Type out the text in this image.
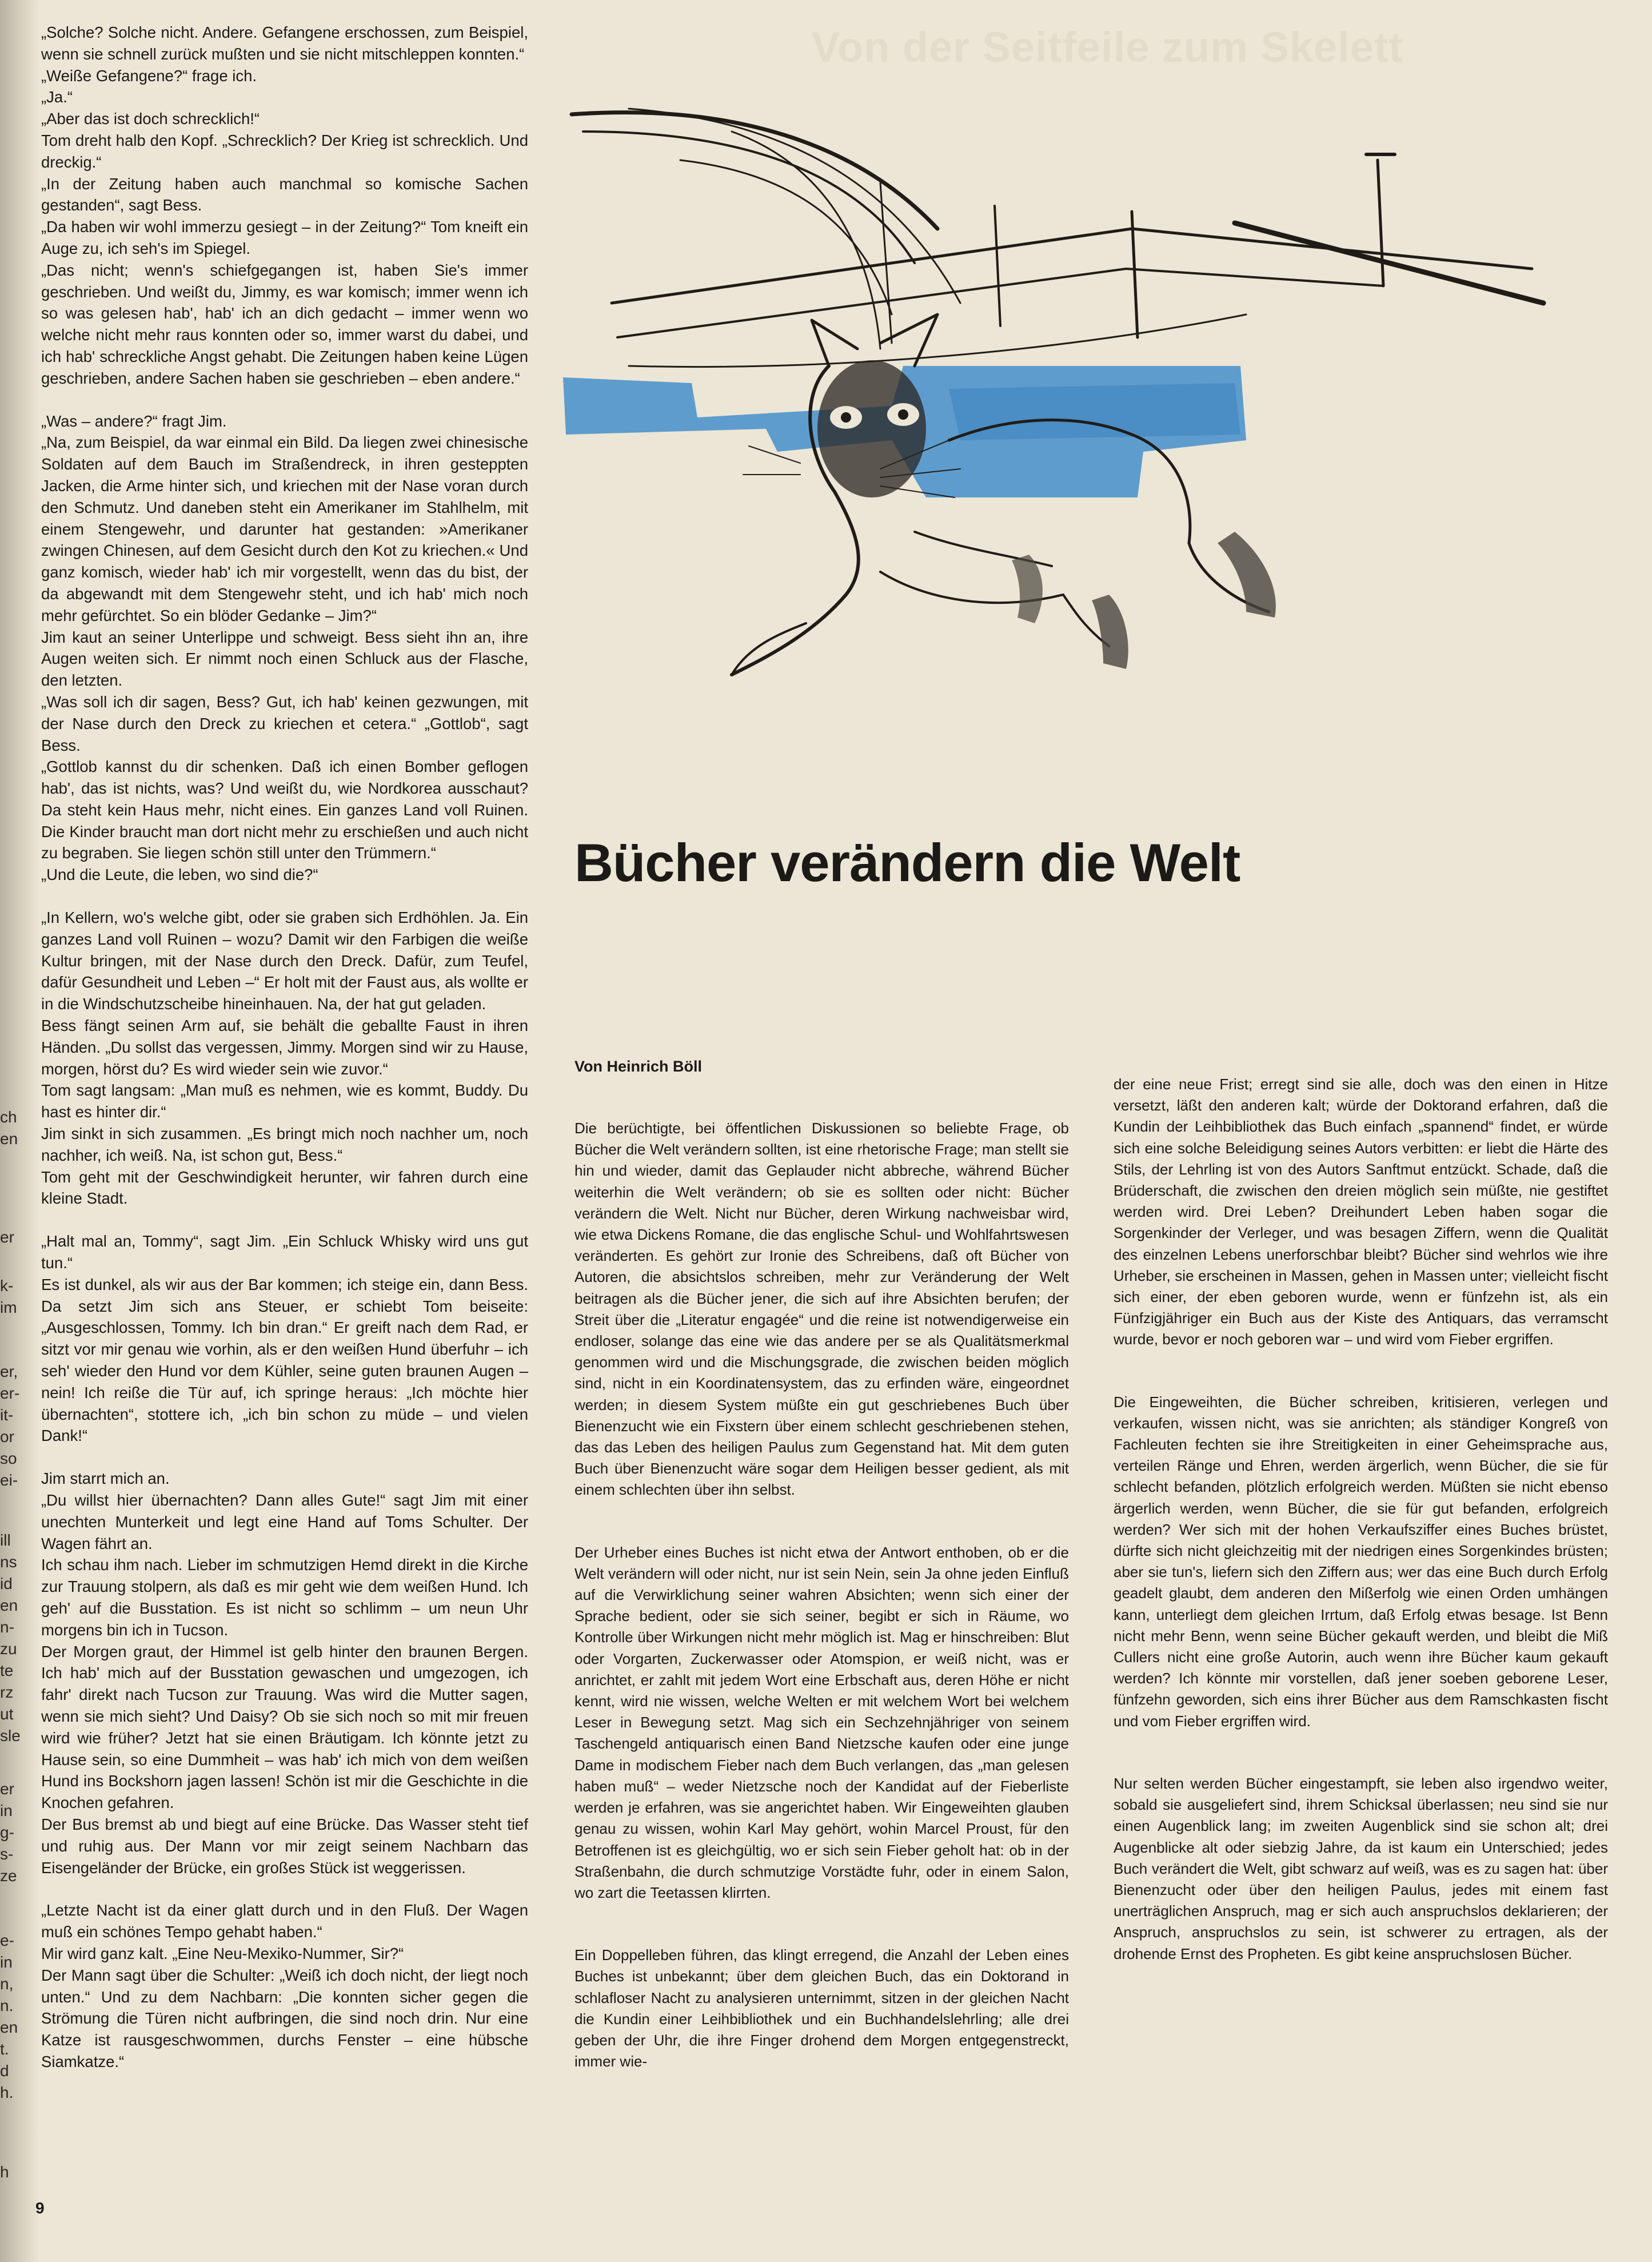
ch
en
er
k-
im
er,
er-
it-
or
so
ei-
ill
ns
id
en
n-
zu
te
rz
ut
sle
er
in
g-
s-
ze
e-
in
n,
n.
en
t.
d
h.
h
Von der Seitfeile zum Skelett

„Solche? Solche nicht. Andere. Gefangene erschossen, zum Beispiel, wenn sie schnell zurück mußten und sie nicht mitschleppen konnten.“

„Weiße Gefangene?“ frage ich.

„Ja.“

„Aber das ist doch schrecklich!“

Tom dreht halb den Kopf. „Schrecklich? Der Krieg ist schrecklich. Und dreckig.“

„In der Zeitung haben auch manchmal so komische Sachen gestanden“, sagt Bess.

„Da haben wir wohl immerzu gesiegt – in der Zeitung?“ Tom kneift ein Auge zu, ich seh's im Spiegel.

„Das nicht; wenn's schiefgegangen ist, haben Sie's immer geschrieben. Und weißt du, Jimmy, es war komisch; immer wenn ich so was gelesen hab', hab' ich an dich gedacht – immer wenn wo welche nicht mehr raus konnten oder so, immer warst du dabei, und ich hab' schreckliche Angst gehabt. Die Zeitungen haben keine Lügen geschrieben, andere Sachen haben sie geschrieben – eben andere.“

„Was – andere?“ fragt Jim.

„Na, zum Beispiel, da war einmal ein Bild. Da liegen zwei chinesische Soldaten auf dem Bauch im Straßendreck, in ihren gesteppten Jacken, die Arme hinter sich, und kriechen mit der Nase voran durch den Schmutz. Und daneben steht ein Amerikaner im Stahlhelm, mit einem Stengewehr, und darunter hat gestanden: »Amerikaner zwingen Chinesen, auf dem Gesicht durch den Kot zu kriechen.« Und ganz komisch, wieder hab' ich mir vorgestellt, wenn das du bist, der da abgewandt mit dem Stengewehr steht, und ich hab' mich noch mehr gefürchtet. So ein blöder Gedanke – Jim?“

Jim kaut an seiner Unterlippe und schweigt. Bess sieht ihn an, ihre Augen weiten sich. Er nimmt noch einen Schluck aus der Flasche, den letzten.

„Was soll ich dir sagen, Bess? Gut, ich hab' keinen gezwungen, mit der Nase durch den Dreck zu kriechen et cetera.“ „Gottlob“, sagt Bess.

„Gottlob kannst du dir schenken. Daß ich einen Bomber geflogen hab', das ist nichts, was? Und weißt du, wie Nordkorea ausschaut? Da steht kein Haus mehr, nicht eines. Ein ganzes Land voll Ruinen. Die Kinder braucht man dort nicht mehr zu erschießen und auch nicht zu begraben. Sie liegen schön still unter den Trümmern.“

„Und die Leute, die leben, wo sind die?“

„In Kellern, wo's welche gibt, oder sie graben sich Erdhöhlen. Ja. Ein ganzes Land voll Ruinen – wozu? Damit wir den Farbigen die weiße Kultur bringen, mit der Nase durch den Dreck. Dafür, zum Teufel, dafür Gesundheit und Leben –“ Er holt mit der Faust aus, als wollte er in die Windschutzscheibe hineinhauen. Na, der hat gut geladen.

Bess fängt seinen Arm auf, sie behält die geballte Faust in ihren Händen. „Du sollst das vergessen, Jimmy. Morgen sind wir zu Hause, morgen, hörst du? Es wird wieder sein wie zuvor.“

Tom sagt langsam: „Man muß es nehmen, wie es kommt, Buddy. Du hast es hinter dir.“

Jim sinkt in sich zusammen. „Es bringt mich noch nachher um, noch nachher, ich weiß. Na, ist schon gut, Bess.“

Tom geht mit der Geschwindigkeit herunter, wir fahren durch eine kleine Stadt.

„Halt mal an, Tommy“, sagt Jim. „Ein Schluck Whisky wird uns gut tun.“

Es ist dunkel, als wir aus der Bar kommen; ich steige ein, dann Bess. Da setzt Jim sich ans Steuer, er schiebt Tom beiseite: „Ausgeschlossen, Tommy. Ich bin dran.“ Er greift nach dem Rad, er sitzt vor mir genau wie vorhin, als er den weißen Hund überfuhr – ich seh' wieder den Hund vor dem Kühler, seine guten braunen Augen – nein! Ich reiße die Tür auf, ich springe heraus: „Ich möchte hier übernachten“, stottere ich, „ich bin schon zu müde – und vielen Dank!“

Jim starrt mich an.

„Du willst hier übernachten? Dann alles Gute!“ sagt Jim mit einer unechten Munterkeit und legt eine Hand auf Toms Schulter. Der Wagen fährt an.

Ich schau ihm nach. Lieber im schmutzigen Hemd direkt in die Kirche zur Trauung stolpern, als daß es mir geht wie dem weißen Hund. Ich geh' auf die Busstation. Es ist nicht so schlimm – um neun Uhr morgens bin ich in Tucson.

Der Morgen graut, der Himmel ist gelb hinter den braunen Bergen. Ich hab' mich auf der Busstation gewaschen und umgezogen, ich fahr' direkt nach Tucson zur Trauung. Was wird die Mutter sagen, wenn sie mich sieht? Und Daisy? Ob sie sich noch so mit mir freuen wird wie früher? Jetzt hat sie einen Bräutigam. Ich könnte jetzt zu Hause sein, so eine Dummheit – was hab' ich mich von dem weißen Hund ins Bockshorn jagen lassen! Schön ist mir die Geschichte in die Knochen gefahren.

Der Bus bremst ab und biegt auf eine Brücke. Das Wasser steht tief und ruhig aus. Der Mann vor mir zeigt seinem Nachbarn das Eisengeländer der Brücke, ein großes Stück ist weggerissen.

„Letzte Nacht ist da einer glatt durch und in den Fluß. Der Wagen muß ein schönes Tempo gehabt haben.“

Mir wird ganz kalt. „Eine Neu-Mexiko-Nummer, Sir?“

Der Mann sagt über die Schulter: „Weiß ich doch nicht, der liegt noch unten.“ Und zu dem Nachbarn: „Die konnten sicher gegen die Strömung die Türen nicht aufbringen, die sind noch drin. Nur eine Katze ist rausgeschwommen, durchs Fenster – eine hübsche Siamkatze.“

Bücher verändern die Welt
Von Heinrich Böll

Die berüchtigte, bei öffentlichen Diskussionen so beliebte Frage, ob Bücher die Welt verändern sollten, ist eine rhetorische Frage; man stellt sie hin und wieder, damit das Geplauder nicht abbreche, während Bücher weiterhin die Welt verändern; ob sie es sollten oder nicht: Bücher verändern die Welt. Nicht nur Bücher, deren Wirkung nachweisbar wird, wie etwa Dickens Romane, die das englische Schul- und Wohlfahrtswesen veränderten. Es gehört zur Ironie des Schreibens, daß oft Bücher von Autoren, die absichtslos schreiben, mehr zur Veränderung der Welt beitragen als die Bücher jener, die sich auf ihre Absichten berufen; der Streit über die „Literatur engagée“ und die reine ist notwendigerweise ein endloser, solange das eine wie das andere per se als Qualitätsmerkmal genommen wird und die Mischungsgrade, die zwischen beiden möglich sind, nicht in ein Koordinatensystem, das zu erfinden wäre, eingeordnet werden; in diesem System müßte ein gut geschriebenes Buch über Bienenzucht wie ein Fixstern über einem schlecht geschriebenen stehen, das das Leben des heiligen Paulus zum Gegenstand hat. Mit dem guten Buch über Bienenzucht wäre sogar dem Heiligen besser gedient, als mit einem schlechten über ihn selbst.

Der Urheber eines Buches ist nicht etwa der Antwort enthoben, ob er die Welt verändern will oder nicht, nur ist sein Nein, sein Ja ohne jeden Einfluß auf die Verwirklichung seiner wahren Absichten; wenn sich einer der Sprache bedient, oder sie sich seiner, begibt er sich in Räume, wo Kontrolle über Wirkungen nicht mehr möglich ist. Mag er hinschreiben: Blut oder Vorgarten, Zuckerwasser oder Atomspion, er weiß nicht, was er anrichtet, er zahlt mit jedem Wort eine Erbschaft aus, deren Höhe er nicht kennt, wird nie wissen, welche Welten er mit welchem Wort bei welchem Leser in Bewegung setzt. Mag sich ein Sechzehnjähriger von seinem Taschengeld antiquarisch einen Band Nietzsche kaufen oder eine junge Dame in modischem Fieber nach dem Buch verlangen, das „man gelesen haben muß“ – weder Nietzsche noch der Kandidat auf der Fieberliste werden je erfahren, was sie angerichtet haben. Wir Eingeweihten glauben genau zu wissen, wohin Karl May gehört, wohin Marcel Proust, für den Betroffenen ist es gleichgültig, wo er sich sein Fieber geholt hat: ob in der Straßenbahn, die durch schmutzige Vorstädte fuhr, oder in einem Salon, wo zart die Teetassen klirrten.

Ein Doppelleben führen, das klingt erregend, die Anzahl der Leben eines Buches ist unbekannt; über dem gleichen Buch, das ein Doktorand in schlafloser Nacht zu analysieren unternimmt, sitzen in der gleichen Nacht die Kundin einer Leihbibliothek und ein Buchhandelslehrling; alle drei geben der Uhr, die ihre Finger drohend dem Morgen entgegenstreckt, immer wie-

der eine neue Frist; erregt sind sie alle, doch was den einen in Hitze versetzt, läßt den anderen kalt; würde der Doktorand erfahren, daß die Kundin der Leihbibliothek das Buch einfach „spannend“ findet, er würde sich eine solche Beleidigung seines Autors verbitten: er liebt die Härte des Stils, der Lehrling ist von des Autors Sanftmut entzückt. Schade, daß die Brüderschaft, die zwischen den dreien möglich sein müßte, nie gestiftet werden wird. Drei Leben? Dreihundert Leben haben sogar die Sorgenkinder der Verleger, und was besagen Ziffern, wenn die Qualität des einzelnen Lebens unerforschbar bleibt? Bücher sind wehrlos wie ihre Urheber, sie erscheinen in Massen, gehen in Massen unter; vielleicht fischt sich einer, der eben geboren wurde, wenn er fünfzehn ist, als ein Fünfzigjähriger ein Buch aus der Kiste des Antiquars, das verramscht wurde, bevor er noch geboren war – und wird vom Fieber ergriffen.

Die Eingeweihten, die Bücher schreiben, kritisieren, verlegen und verkaufen, wissen nicht, was sie anrichten; als ständiger Kongreß von Fachleuten fechten sie ihre Streitigkeiten in einer Geheimsprache aus, verteilen Ränge und Ehren, werden ärgerlich, wenn Bücher, die sie für schlecht befanden, plötzlich erfolgreich werden. Müßten sie nicht ebenso ärgerlich werden, wenn Bücher, die sie für gut befanden, erfolgreich werden? Wer sich mit der hohen Verkaufsziffer eines Buches brüstet, dürfte sich nicht gleichzeitig mit der niedrigen eines Sorgenkindes brüsten; aber sie tun's, liefern sich den Ziffern aus; wer das eine Buch durch Erfolg geadelt glaubt, dem anderen den Mißerfolg wie einen Orden umhängen kann, unterliegt dem gleichen Irrtum, daß Erfolg etwas besage. Ist Benn nicht mehr Benn, wenn seine Bücher gekauft werden, und bleibt die Miß Cullers nicht eine große Autorin, auch wenn ihre Bücher kaum gekauft werden? Ich könnte mir vorstellen, daß jener soeben geborene Leser, fünfzehn geworden, sich eins ihrer Bücher aus dem Ramschkasten fischt und vom Fieber ergriffen wird.

Nur selten werden Bücher eingestampft, sie leben also irgendwo weiter, sobald sie ausgeliefert sind, ihrem Schicksal überlassen; neu sind sie nur einen Augenblick lang; im zweiten Augenblick sind sie schon alt; drei Augenblicke alt oder siebzig Jahre, da ist kaum ein Unterschied; jedes Buch verändert die Welt, gibt schwarz auf weiß, was es zu sagen hat: über Bienenzucht oder über den heiligen Paulus, jedes mit einem fast unerträglichen Anspruch, mag er sich auch anspruchslos deklarieren; der Anspruch, anspruchslos zu sein, ist schwerer zu ertragen, als der drohende Ernst des Propheten. Es gibt keine anspruchslosen Bücher.

9
